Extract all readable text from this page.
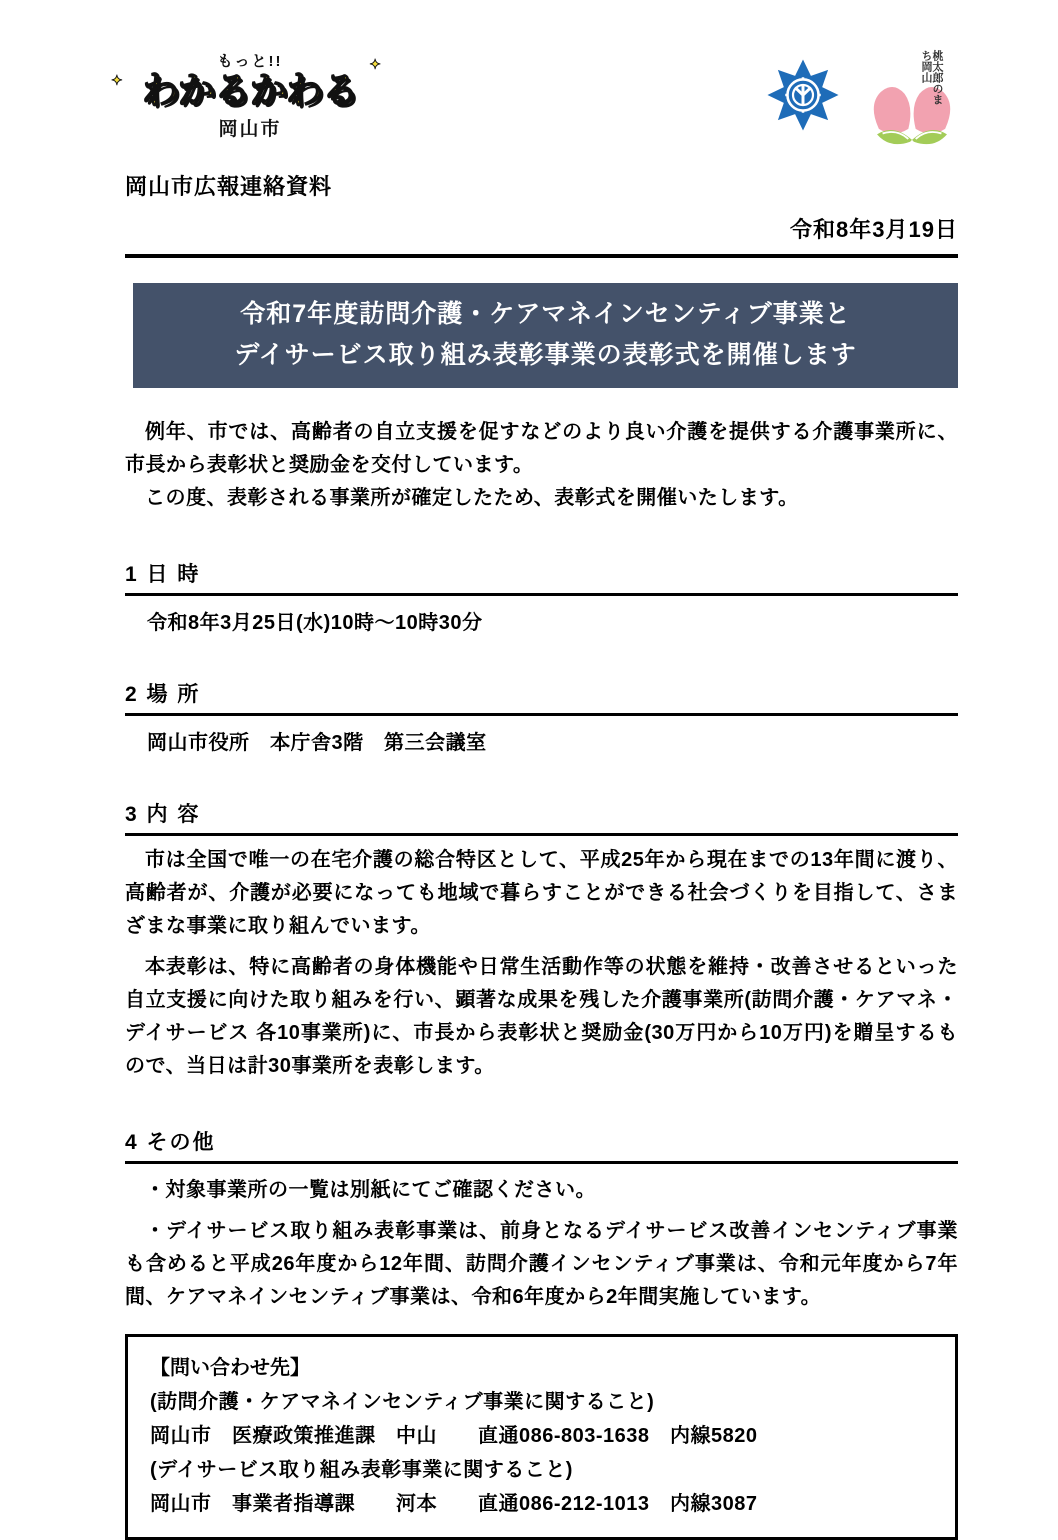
✦
✦
もっと!!
わかるかわる
岡山市
桃太郎のまち岡山
岡山市広報連絡資料
令和8年3月19日
令和7年度訪問介護・ケアマネインセンティブ事業と
デイサービス取り組み表彰事業の表彰式を開催します

例年、市では、高齢者の自立支援を促すなどのより良い介護を提供する介護事業所に、市長から表彰状と奨励金を交付しています。

この度、表彰される事業所が確定したため、表彰式を開催いたします。

1 日 時
令和8年3月25日(水)10時～10時30分
2 場 所
岡山市役所　本庁舎3階　第三会議室
3 内 容

市は全国で唯一の在宅介護の総合特区として、平成25年から現在までの13年間に渡り、高齢者が、介護が必要になっても地域で暮らすことができる社会づくりを目指して、さまざまな事業に取り組んでいます。

本表彰は、特に高齢者の身体機能や日常生活動作等の状態を維持・改善させるといった自立支援に向けた取り組みを行い、顕著な成果を残した介護事業所(訪問介護・ケアマネ・デイサービス 各10事業所)に、市長から表彰状と奨励金(30万円から10万円)を贈呈するもので、当日は計30事業所を表彰します。

4 その他

・対象事業所の一覧は別紙にてご確認ください。

・デイサービス取り組み表彰事業は、前身となるデイサービス改善インセンティブ事業も含めると平成26年度から12年間、訪問介護インセンティブ事業は、令和元年度から7年間、ケアマネインセンティブ事業は、令和6年度から2年間実施しています。

【問い合わせ先】
(訪問介護・ケアマネインセンティブ事業に関すること)
岡山市　医療政策推進課　中山　　直通086-803-1638　内線5820
(デイサービス取り組み表彰事業に関すること)
岡山市　事業者指導課　　河本　　直通086-212-1013　内線3087
